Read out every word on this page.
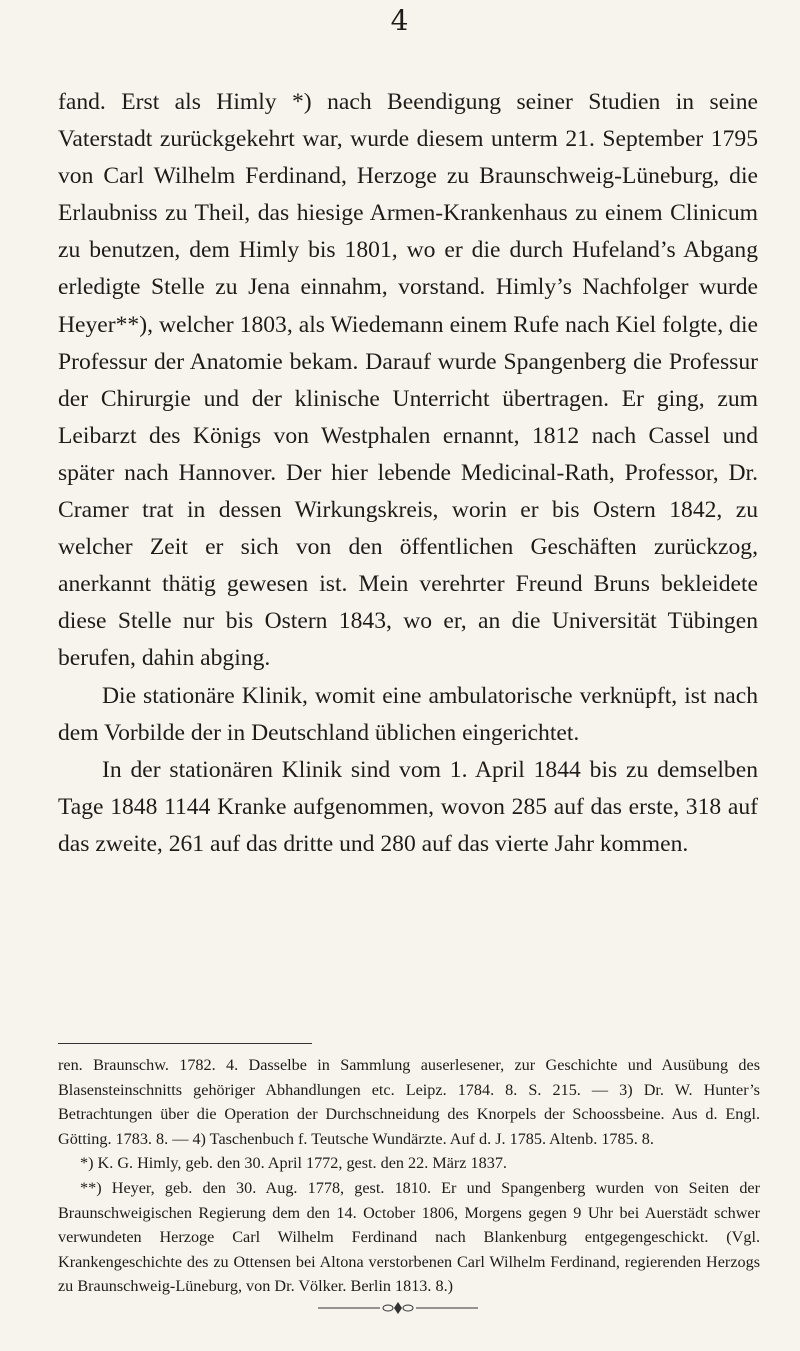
4

fand. Erst als Himly *) nach Beendigung seiner Studien in seine Vaterstadt zurückgekehrt war, wurde diesem unterm 21. September 1795 von Carl Wilhelm Ferdinand, Herzoge zu Braunschweig-Lüneburg, die Erlaubniss zu Theil, das hiesige Armen-Krankenhaus zu einem Clinicum zu benutzen, dem Himly bis 1801, wo er die durch Hufeland’s Abgang erledigte Stelle zu Jena einnahm, vorstand. Himly’s Nachfolger wurde Heyer**), welcher 1803, als Wiedemann einem Rufe nach Kiel folgte, die Professur der Anatomie bekam. Darauf wurde Spangenberg die Professur der Chirurgie und der klinische Unterricht übertragen. Er ging, zum Leibarzt des Königs von Westphalen ernannt, 1812 nach Cassel und später nach Hannover. Der hier lebende Medicinal-Rath, Professor, Dr. Cramer trat in dessen Wirkungskreis, worin er bis Ostern 1842, zu welcher Zeit er sich von den öffentlichen Geschäften zurückzog, anerkannt thätig gewesen ist. Mein verehrter Freund Bruns bekleidete diese Stelle nur bis Ostern 1843, wo er, an die Universität Tübingen berufen, dahin abging.

Die stationäre Klinik, womit eine ambulatorische verknüpft, ist nach dem Vorbilde der in Deutschland üblichen eingerichtet.

In der stationären Klinik sind vom 1. April 1844 bis zu demselben Tage 1848 1144 Kranke aufgenommen, wovon 285 auf das erste, 318 auf das zweite, 261 auf das dritte und 280 auf das vierte Jahr kommen.

ren. Braunschw. 1782. 4. Dasselbe in Sammlung auserlesener, zur Geschichte und Ausübung des Blasensteinschnitts gehöriger Abhandlungen etc. Leipz. 1784. 8. S. 215. — 3) Dr. W. Hunter’s Betrachtungen über die Operation der Durchschneidung des Knorpels der Schoossbeine. Aus d. Engl. Götting. 1783. 8. — 4) Taschenbuch f. Teutsche Wundärzte. Auf d. J. 1785. Altenb. 1785. 8.

*) K. G. Himly, geb. den 30. April 1772, gest. den 22. März 1837.

**) Heyer, geb. den 30. Aug. 1778, gest. 1810. Er und Spangenberg wurden von Seiten der Braunschweigischen Regierung dem den 14. October 1806, Morgens gegen 9 Uhr bei Auerstädt schwer verwundeten Herzoge Carl Wilhelm Ferdinand nach Blankenburg entgegengeschickt. (Vgl. Krankengeschichte des zu Ottensen bei Altona verstorbenen Carl Wilhelm Ferdinand, regierenden Herzogs zu Braunschweig-Lüneburg, von Dr. Völker. Berlin 1813. 8.)
